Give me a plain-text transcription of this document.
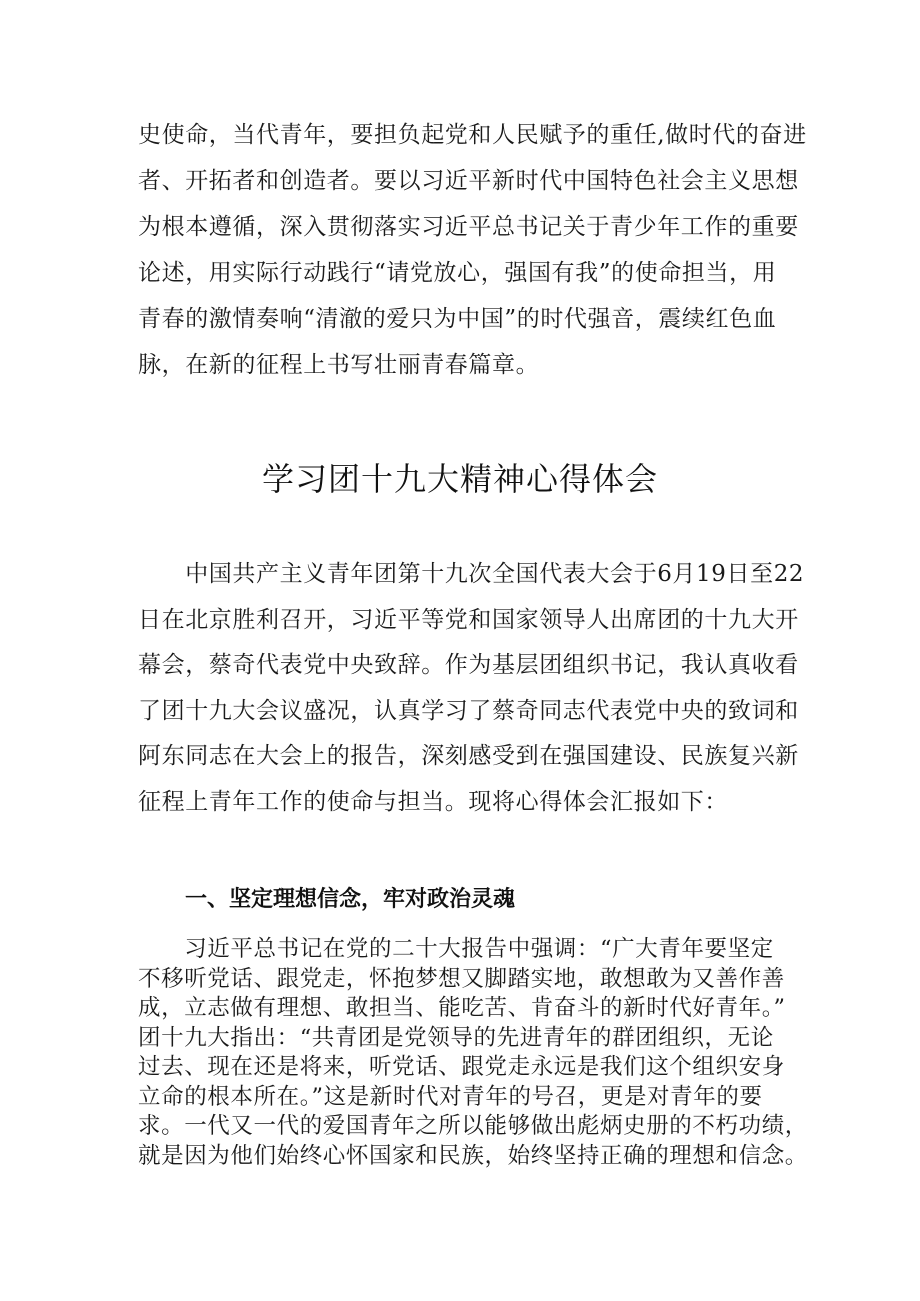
史使命，当代青年，要担负起党和人民赋予的重任,做时代的奋进
者、开拓者和创造者。要以习近平新时代中国特色社会主义思想
为根本遵循，深入贯彻落实习近平总书记关于青少年工作的重要
论述，用实际行动践行“请党放心，强国有我”的使命担当，用
青春的激情奏响“清澈的爱只为中国”的时代强音，震续红色血
脉，在新的征程上书写壮丽青春篇章。
学习团十九大精神心得体会
　　中国共产主义青年团第十九次全国代表大会于6月19日至22
日在北京胜利召开，习近平等党和国家领导人出席团的十九大开
幕会，蔡奇代表党中央致辞。作为基层团组织书记，我认真收看
了团十九大会议盛况，认真学习了蔡奇同志代表党中央的致词和
阿东同志在大会上的报告，深刻感受到在强国建设、民族复兴新
征程上青年工作的使命与担当。现将心得体会汇报如下：
一、坚定理想信念，牢对政治灵魂
　　习近平总书记在党的二十大报告中强调：“广大青年要坚定
不移听党话、跟党走，怀抱梦想又脚踏实地，敢想敢为又善作善
成，立志做有理想、敢担当、能吃苦、肯奋斗的新时代好青年。”
团十九大指出：“共青团是党领导的先进青年的群团组织，无论
过去、现在还是将来，听党话、跟党走永远是我们这个组织安身
立命的根本所在。”这是新时代对青年的号召，更是对青年的要
求。一代又一代的爱国青年之所以能够做出彪炳史册的不朽功绩，
就是因为他们始终心怀国家和民族，始终坚持正确的理想和信念。
